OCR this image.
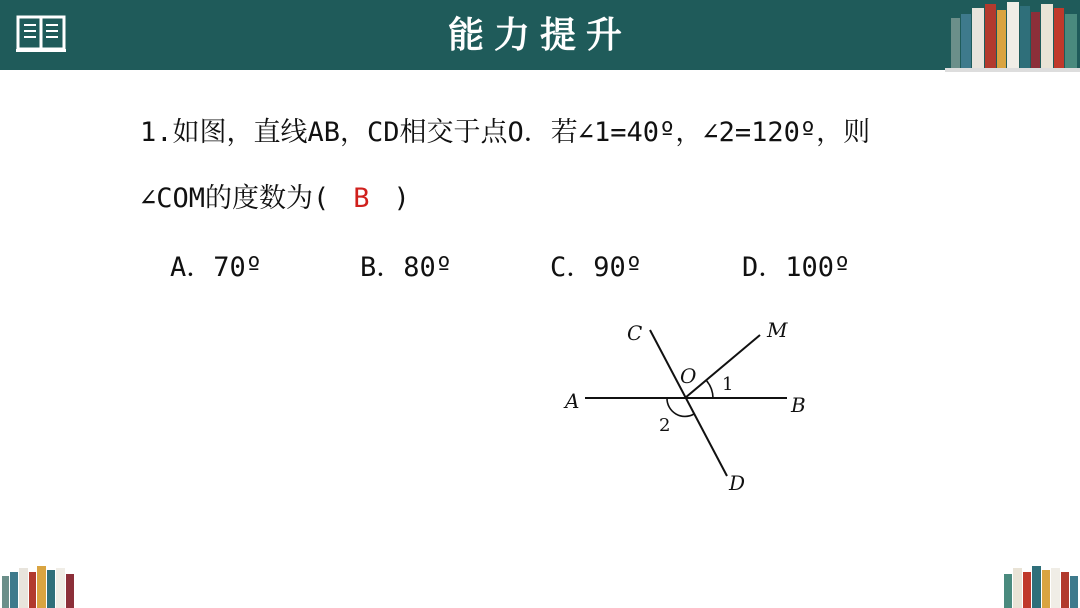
能力提升
1.如图，直线AB，CD相交于点O．若∠1=40º，∠2=120º，则
∠COM的度数为( B )
A．70º	B．80º	C．90º	D．100º
A	B
C
D
M
O 1
2
